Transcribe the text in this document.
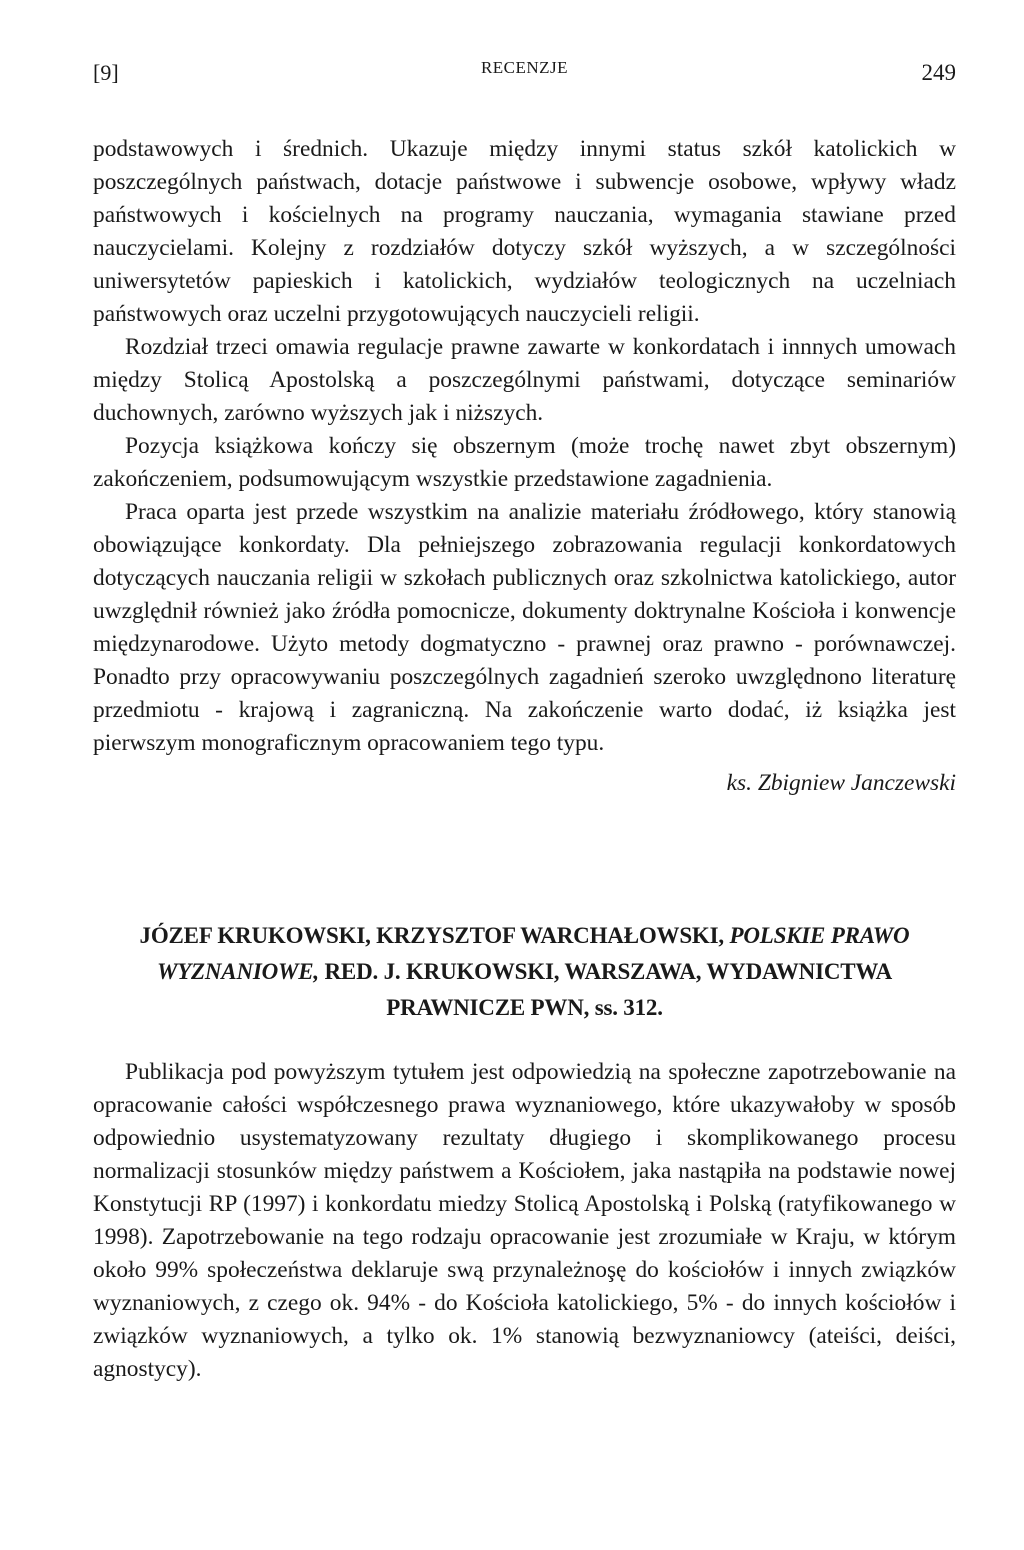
[9]	RECENZJE	249

podstawowych i średnich. Ukazuje między innymi status szkół katolickich w poszczególnych państwach, dotacje państwowe i subwencje osobowe, wpływy władz państwowych i kościelnych na programy nauczania, wymagania stawiane przed nauczycielami. Kolejny z rozdziałów dotyczy szkół wyższych, a w szczególności uniwersytetów papieskich i katolickich, wydziałów teologicznych na uczelniach państwowych oraz uczelni przygotowujących nauczycieli religii.

Rozdział trzeci omawia regulacje prawne zawarte w konkordatach i innnych umowach między Stolicą Apostolską a poszczególnymi państwami, dotyczące seminariów duchownych, zarówno wyższych jak i niższych.

Pozycja książkowa kończy się obszernym (może trochę nawet zbyt obszernym) zakończeniem, podsumowującym wszystkie przedstawione zagadnienia.

Praca oparta jest przede wszystkim na analizie materiału źródłowego, który stanowią obowiązujące konkordaty. Dla pełniejszego zobrazowania regulacji konkordatowych dotyczących nauczania religii w szkołach publicznych oraz szkolnictwa katolickiego, autor uwzględnił również jako źródła pomocnicze, dokumenty doktrynalne Kościoła i konwencje międzynarodowe. Użyto metody dogmatyczno - prawnej oraz prawno - porównawczej. Ponadto przy opracowywaniu poszczególnych zagadnień szeroko uwzględnono literaturę przedmiotu - krajową i zagraniczną. Na zakończenie warto dodać, iż książka jest pierwszym monograficznym opracowaniem tego typu.

ks. Zbigniew Janczewski
JÓZEF KRUKOWSKI, KRZYSZTOF WARCHAŁOWSKI, POLSKIE PRAWO WYZNANIOWE, RED. J. KRUKOWSKI, WARSZAWA, WYDAWNICTWA PRAWNICZE PWN, ss. 312.

Publikacja pod powyższym tytułem jest odpowiedzią na społeczne zapotrzebowanie na opracowanie całości współczesnego prawa wyznaniowego, które ukazywałoby w sposób odpowiednio usystematyzowany rezultaty długiego i skomplikowanego procesu normalizacji stosunków między państwem a Kościołem, jaka nastąpiła na podstawie nowej Konstytucji RP (1997) i konkordatu miedzy Stolicą Apostolską i Polską (ratyfikowanego w 1998). Zapotrzebowanie na tego rodzaju opracowanie jest zrozumiałe w Kraju, w którym około 99% społeczeństwa deklaruje swą przynależnoşę do kościołów i innych związków wyznaniowych, z czego ok. 94% - do Kościoła katolickiego, 5% - do innych kościołów i związków wyznaniowych, a tylko ok. 1% stanowią bezwyznaniowcy (ateiści, deiści, agnostycy).
